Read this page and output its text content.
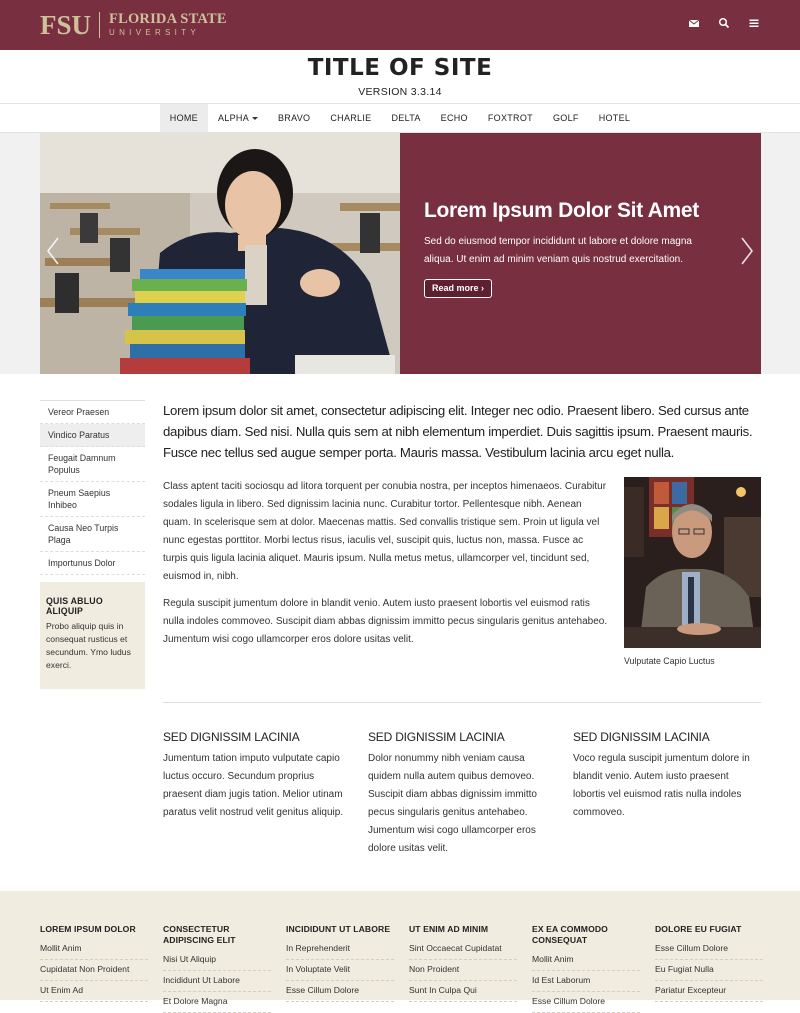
FSU FLORIDA STATE
UNIVERSITY
TITLE OF SITE
VERSION 3.3.14
HOME	ALPHA	BRAVO	CHARLIE	DELTA	ECHO	FOXTROT	GOLF	HOTEL
Lorem Ipsum Dolor Sit Amet
Sed do eiusmod tempor incididunt ut labore et dolore magna aliqua. Ut enim ad minim veniam quis nostrud exercitation.
Read more ›
Vereor Praesen
Vindico Paratus
Feugait Damnum Populus
Pneum Saepius Inhibeo
Causa Neo Turpis Plaga
Importunus Dolor
QUIS ABLUO ALIQUIP
Probo aliquip quis in consequat rusticus et secundum. Ymo ludus exerci.
Lorem ipsum dolor sit amet, consectetur adipiscing elit. Integer nec odio. Praesent libero. Sed cursus ante dapibus diam. Sed nisi. Nulla quis sem at nibh elementum imperdiet. Duis sagittis ipsum. Praesent mauris. Fusce nec tellus sed augue semper porta. Mauris massa. Vestibulum lacinia arcu eget nulla.
Class aptent taciti sociosqu ad litora torquent per conubia nostra, per inceptos himenaeos. Curabitur sodales ligula in libero. Sed dignissim lacinia nunc. Curabitur tortor. Pellentesque nibh. Aenean quam. In scelerisque sem at dolor. Maecenas mattis. Sed convallis tristique sem. Proin ut ligula vel nunc egestas porttitor. Morbi lectus risus, iaculis vel, suscipit quis, luctus non, massa. Fusce ac turpis quis ligula lacinia aliquet. Mauris ipsum. Nulla metus metus, ullamcorper vel, tincidunt sed, euismod in, nibh.
Regula suscipit jumentum dolore in blandit venio. Autem iusto praesent lobortis vel euismod ratis nulla indoles commoveo. Suscipit diam abbas dignissim immitto pecus singularis genitus antehabeo. Jumentum wisi cogo ullamcorper eros dolore usitas velit.
Vulputate Capio Luctus
SED DIGNISSIM LACINIA
Jumentum tation imputo vulputate capio luctus occuro. Secundum proprius praesent diam jugis tation. Melior utinam paratus velit nostrud velit genitus aliquip.
SED DIGNISSIM LACINIA
Dolor nonummy nibh veniam causa quidem nulla autem quibus demoveo. Suscipit diam abbas dignissim immitto pecus singularis genitus antehabeo. Jumentum wisi cogo ullamcorper eros dolore usitas velit.
SED DIGNISSIM LACINIA
Voco regula suscipit jumentum dolore in blandit venio. Autem iusto praesent lobortis vel euismod ratis nulla indoles commoveo.
LOREM IPSUM DOLOR
Mollit Anim
Cupidatat Non Proident
Ut Enim Ad
CONSECTETUR ADIPISCING ELIT
Nisi Ut Aliquip
Incididunt Ut Labore
Et Dolore Magna
INCIDIDUNT UT LABORE
In Reprehenderit
In Voluptate Velit
Esse Cillum Dolore
UT ENIM AD MINIM
Sint Occaecat Cupidatat
Non Proident
Sunt In Culpa Qui
EX EA COMMODO CONSEQUAT
Mollit Anim
Id Est Laborum
Esse Cillum Dolore
DOLORE EU FUGIAT
Esse Cillum Dolore
Eu Fugiat Nulla
Pariatur Excepteur
